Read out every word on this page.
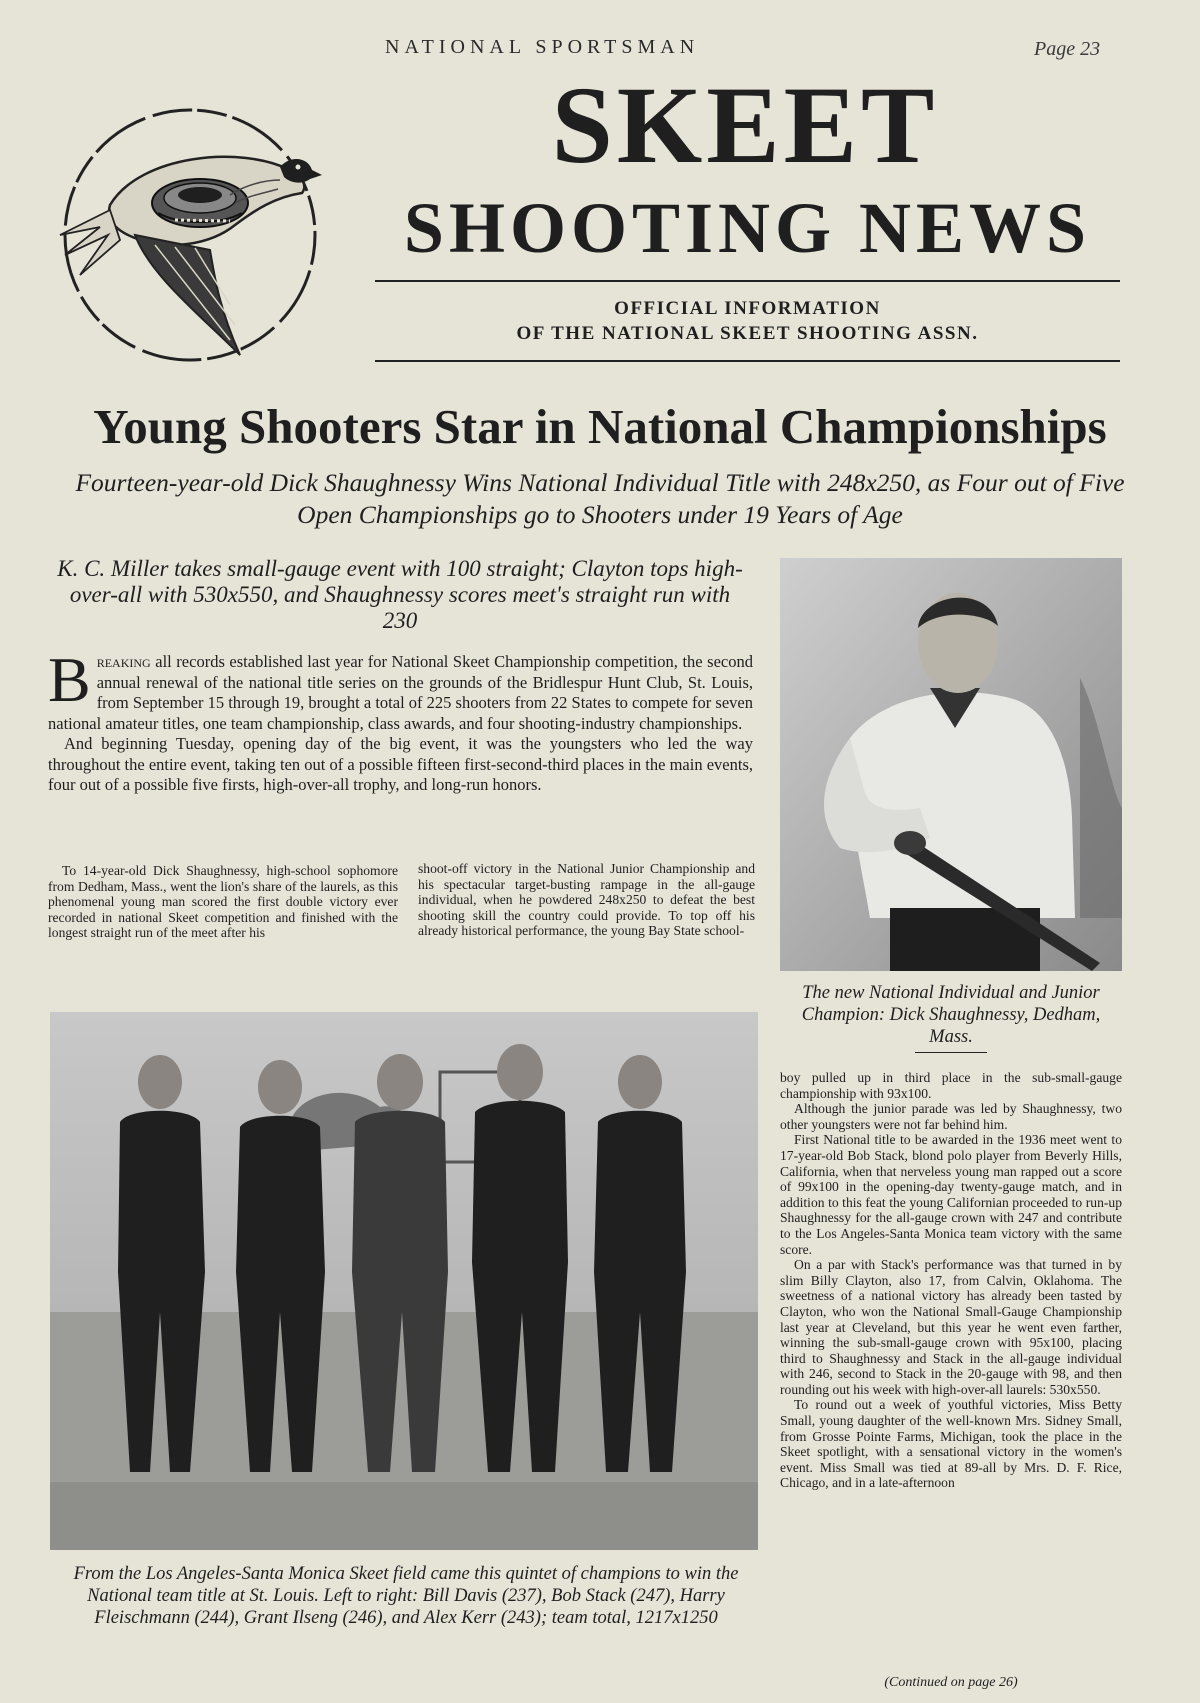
NATIONAL SPORTSMAN	Page 23
SKEET
SHOOTING NEWS
OFFICIAL INFORMATION
OF THE NATIONAL SKEET SHOOTING ASSN.
Young Shooters Star in National Championships
Fourteen-year-old Dick Shaughnessy Wins National Individual Title with 248x250, as Four out of Five Open Championships go to Shooters under 19 Years of Age
K. C. Miller takes small-gauge event with 100 straight; Clayton tops high-over-all with 530x550, and Shaughnessy scores meet's straight run with 230

Breaking all records established last year for National Skeet Championship competition, the second annual renewal of the national title series on the grounds of the Bridlespur Hunt Club, St. Louis, from September 15 through 19, brought a total of 225 shooters from 22 States to compete for seven national amateur titles, one team championship, class awards, and four shooting-industry championships.

And beginning Tuesday, opening day of the big event, it was the youngsters who led the way throughout the entire event, taking ten out of a possible fifteen first-second-third places in the main events, four out of a possible five firsts, high-over-all trophy, and long-run honors.

To 14-year-old Dick Shaughnessy, high-school sophomore from Dedham, Mass., went the lion's share of the laurels, as this phenomenal young man scored the first double victory ever recorded in national Skeet competition and finished with the longest straight run of the meet after his
shoot-off victory in the National Junior Championship and his spectacular target-busting rampage in the all-gauge individual, when he powdered 248x250 to defeat the best shooting skill the country could provide. To top off his already historical performance, the young Bay State school-
The new National Individual and Junior Champion: Dick Shaughnessy, Dedham, Mass.
From the Los Angeles-Santa Monica Skeet field came this quintet of champions to win the National team title at St. Louis. Left to right: Bill Davis (237), Bob Stack (247), Harry Fleischmann (244), Grant Ilseng (246), and Alex Kerr (243); team total, 1217x1250

boy pulled up in third place in the sub-small-gauge championship with 93x100.

Although the junior parade was led by Shaughnessy, two other youngsters were not far behind him.

First National title to be awarded in the 1936 meet went to 17-year-old Bob Stack, blond polo player from Beverly Hills, California, when that nerveless young man rapped out a score of 99x100 in the opening-day twenty-gauge match, and in addition to this feat the young Californian proceeded to run-up Shaughnessy for the all-gauge crown with 247 and contribute to the Los Angeles-Santa Monica team victory with the same score.

On a par with Stack's performance was that turned in by slim Billy Clayton, also 17, from Calvin, Oklahoma. The sweetness of a national victory has already been tasted by Clayton, who won the National Small-Gauge Championship last year at Cleveland, but this year he went even farther, winning the sub-small-gauge crown with 95x100, placing third to Shaughnessy and Stack in the all-gauge individual with 246, second to Stack in the 20-gauge with 98, and then rounding out his week with high-over-all laurels: 530x550.

To round out a week of youthful victories, Miss Betty Small, young daughter of the well-known Mrs. Sidney Small, from Grosse Pointe Farms, Michigan, took the place in the Skeet spotlight, with a sensational victory in the women's event. Miss Small was tied at 89-all by Mrs. D. F. Rice, Chicago, and in a late-afternoon

(Continued on page 26)
